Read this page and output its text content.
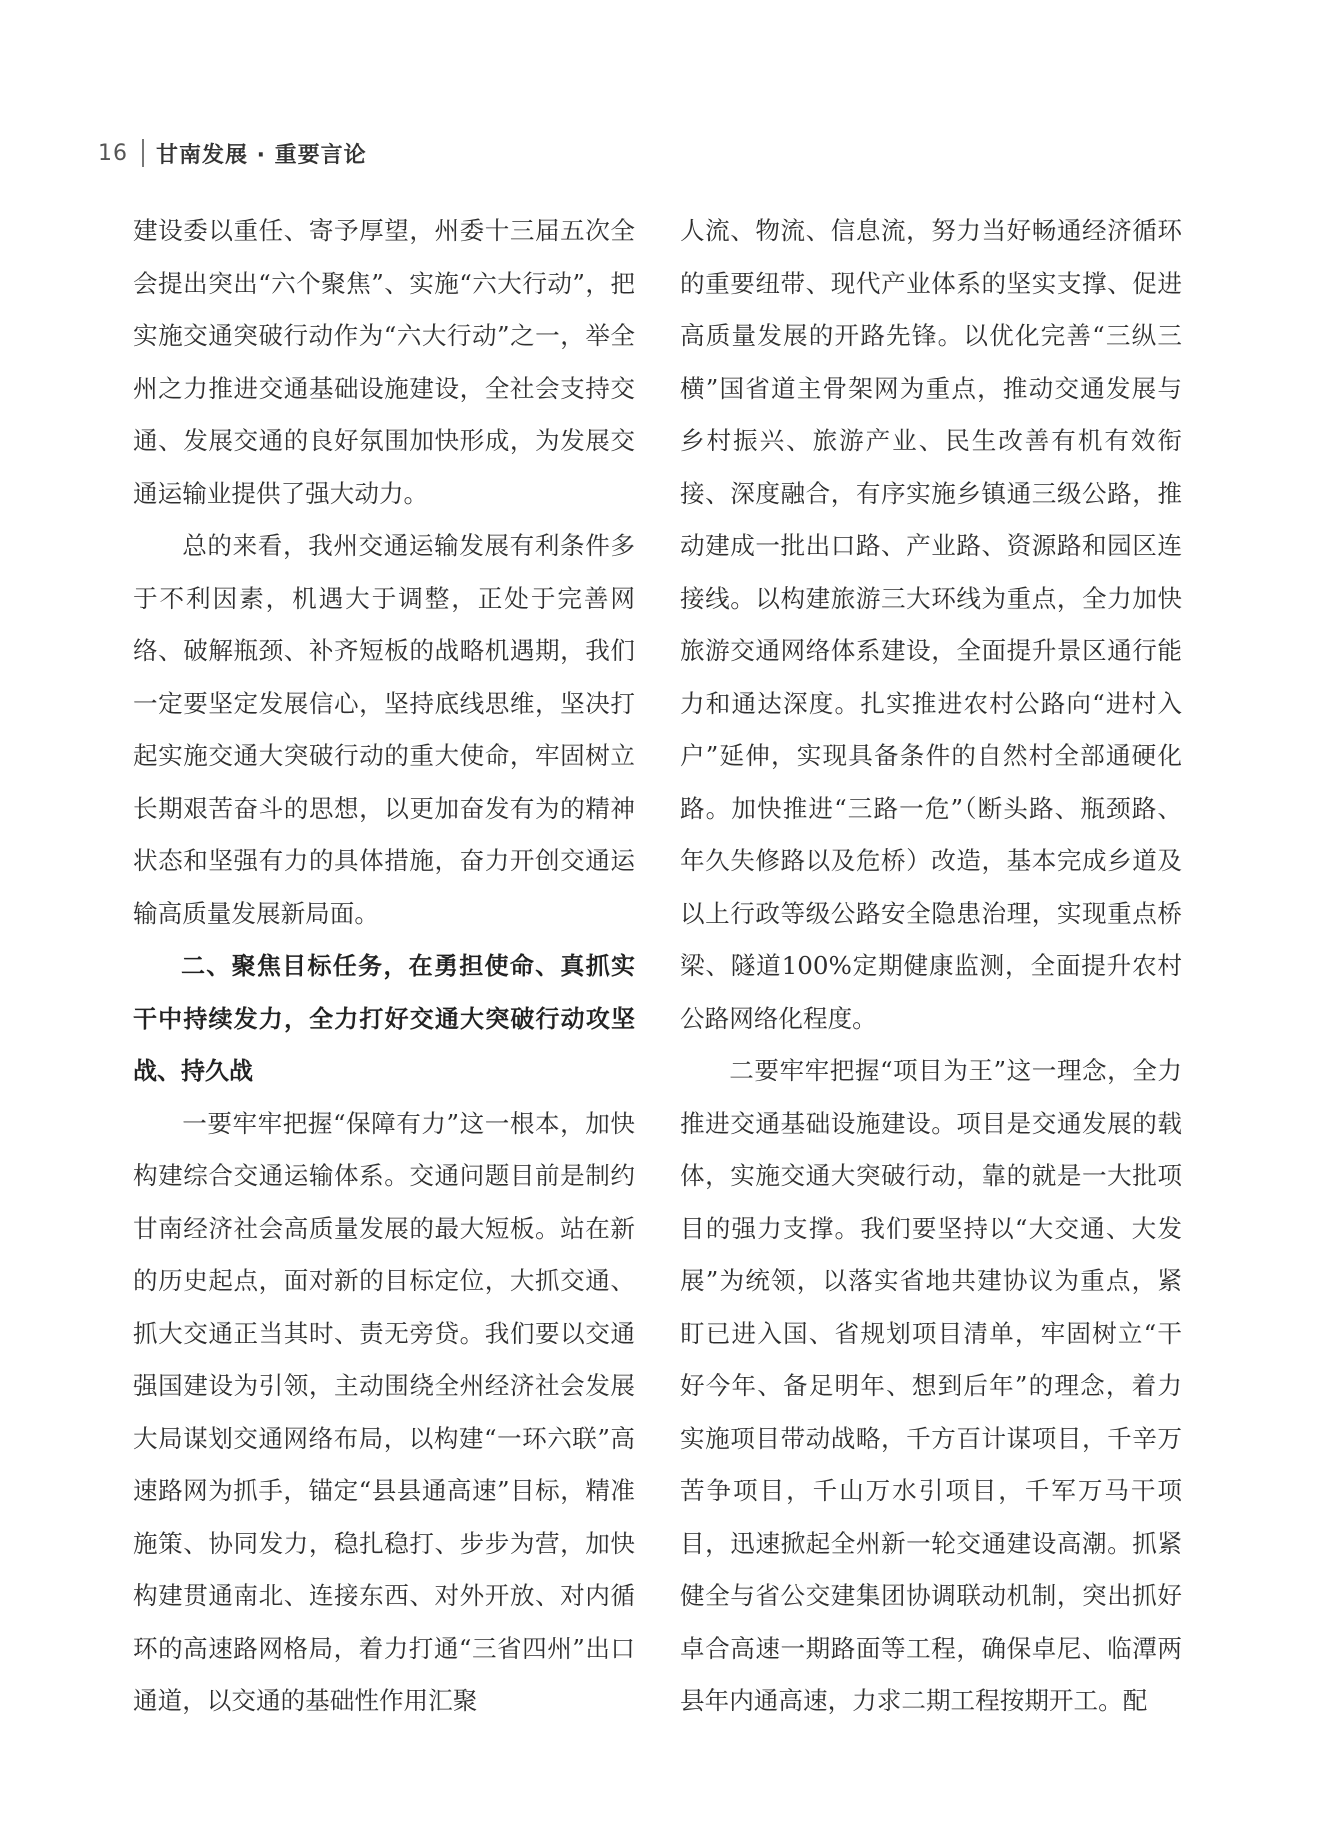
16 甘南发展 · 重要言论

建设委以重任、寄予厚望，州委十三届五次全会提出突出“六个聚焦”、实施“六大行动”，把实施交通突破行动作为“六大行动”之一，举全州之力推进交通基础设施建设，全社会支持交通、发展交通的良好氛围加快形成，为发展交通运输业提供了强大动力。

总的来看，我州交通运输发展有利条件多于不利因素，机遇大于调整，正处于完善网络、破解瓶颈、补齐短板的战略机遇期，我们一定要坚定发展信心，坚持底线思维，坚决打起实施交通大突破行动的重大使命，牢固树立长期艰苦奋斗的思想，以更加奋发有为的精神状态和坚强有力的具体措施，奋力开创交通运输高质量发展新局面。

二、聚焦目标任务，在勇担使命、真抓实干中持续发力，全力打好交通大突破行动攻坚战、持久战

一要牢牢把握“保障有力”这一根本，加快构建综合交通运输体系。交通问题目前是制约甘南经济社会高质量发展的最大短板。站在新的历史起点，面对新的目标定位，大抓交通、抓大交通正当其时、责无旁贷。我们要以交通强国建设为引领，主动围绕全州经济社会发展大局谋划交通网络布局，以构建“一环六联”高速路网为抓手，锚定“县县通高速”目标，精准施策、协同发力，稳扎稳打、步步为营，加快构建贯通南北、连接东西、对外开放、对内循环的高速路网格局，着力打通“三省四州”出口通道，以交通的基础性作用汇聚

人流、物流、信息流，努力当好畅通经济循环的重要纽带、现代产业体系的坚实支撑、促进高质量发展的开路先锋。以优化完善“三纵三横”国省道主骨架网为重点，推动交通发展与乡村振兴、旅游产业、民生改善有机有效衔接、深度融合，有序实施乡镇通三级公路，推动建成一批出口路、产业路、资源路和园区连接线。以构建旅游三大环线为重点，全力加快旅游交通网络体系建设，全面提升景区通行能力和通达深度。扎实推进农村公路向“进村入户”延伸，实现具备条件的自然村全部通硬化路。加快推进“三路一危”（断头路、瓶颈路、年久失修路以及危桥）改造，基本完成乡道及以上行政等级公路安全隐患治理，实现重点桥梁、隧道100%定期健康监测，全面提升农村公路网络化程度。

二要牢牢把握“项目为王”这一理念，全力推进交通基础设施建设。项目是交通发展的载体，实施交通大突破行动，靠的就是一大批项目的强力支撑。我们要坚持以“大交通、大发展”为统领，以落实省地共建协议为重点，紧盯已进入国、省规划项目清单，牢固树立“干好今年、备足明年、想到后年”的理念，着力实施项目带动战略，千方百计谋项目，千辛万苦争项目，千山万水引项目，千军万马干项目，迅速掀起全州新一轮交通建设高潮。抓紧健全与省公交建集团协调联动机制，突出抓好卓合高速一期路面等工程，确保卓尼、临潭两县年内通高速，力求二期工程按期开工。配
